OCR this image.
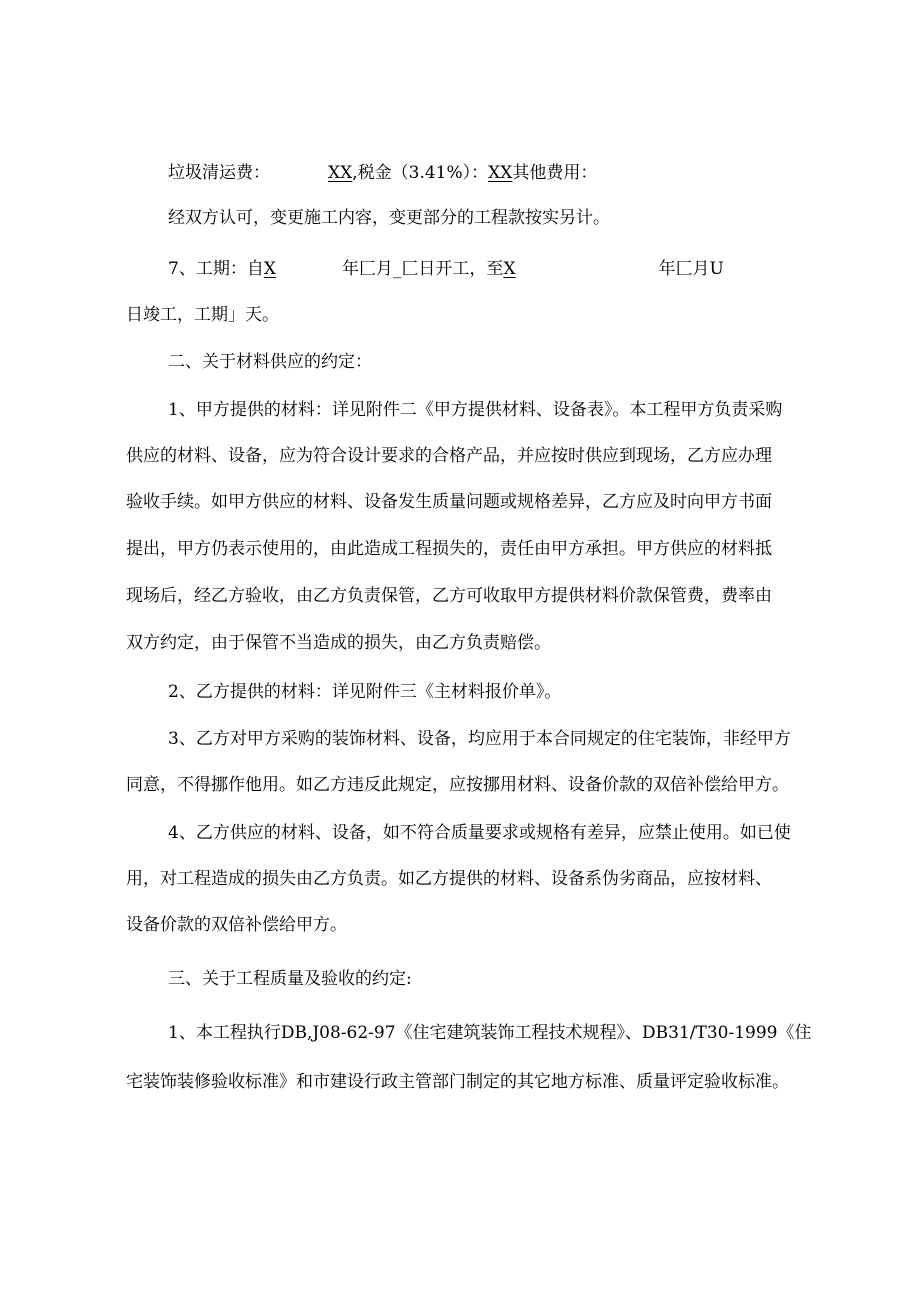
垃圾清运费：	XX,税金（3.41%）：XX其他费用：
经双方认可，变更施工内容，变更部分的工程款按实另计。
7、工期：自X	年匚月_匚日开工，至X	年匚月U
日竣工，工期」天。
二、关于材料供应的约定：
1、甲方提供的材料：详见附件二《甲方提供材料、设备表》。本工程甲方负责采购
供应的材料、设备，应为符合设计要求的合格产品，并应按时供应到现场，乙方应办理
验收手续。如甲方供应的材料、设备发生质量问题或规格差异，乙方应及时向甲方书面
提出，甲方仍表示使用的，由此造成工程损失的，责任由甲方承担。甲方供应的材料抵
现场后，经乙方验收，由乙方负责保管，乙方可收取甲方提供材料价款保管费，费率由
双方约定，由于保管不当造成的损失，由乙方负责赔偿。
2、乙方提供的材料：详见附件三《主材料报价单》。
3、乙方对甲方采购的装饰材料、设备，均应用于本合同规定的住宅装饰，非经甲方
同意，不得挪作他用。如乙方违反此规定，应按挪用材料、设备价款的双倍补偿给甲方。
4、乙方供应的材料、设备，如不符合质量要求或规格有差异，应禁止使用。如已使
用，对工程造成的损失由乙方负责。如乙方提供的材料、设备系伪劣商品，应按材料、
设备价款的双倍补偿给甲方。
三、关于工程质量及验收的约定:
1、本工程执行DB,J08-62-97《住宅建筑装饰工程技术规程》、DB31/T30-1999《住
宅装饰装修验收标准》和市建设行政主管部门制定的其它地方标准、质量评定验收标准。
